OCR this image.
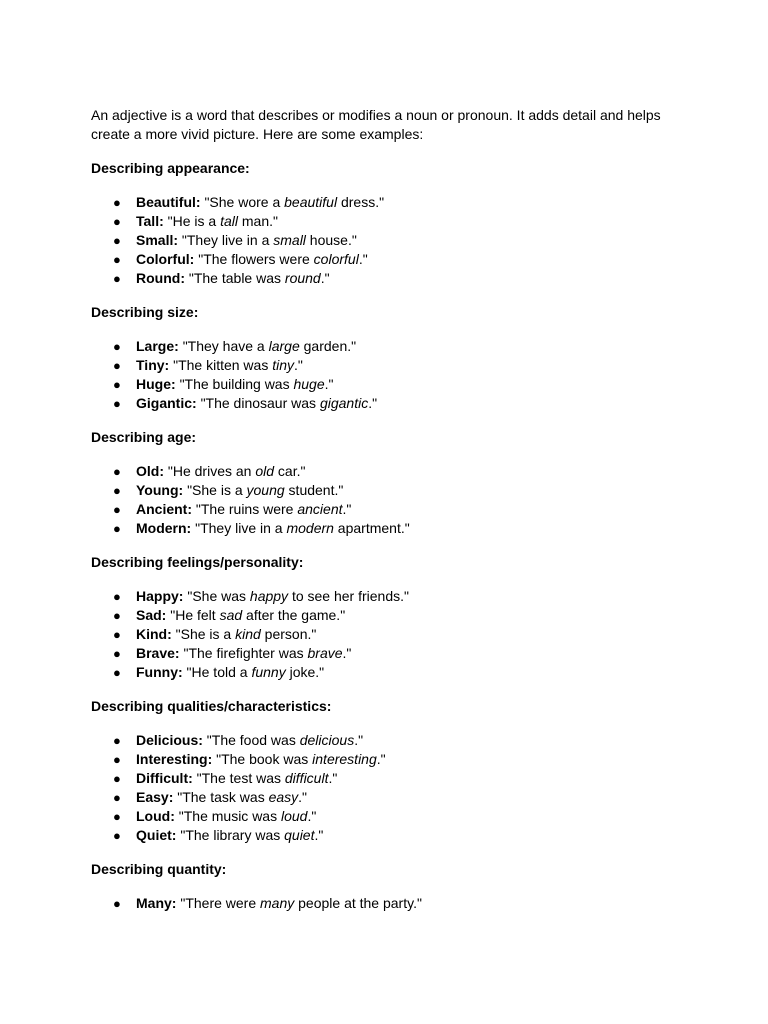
An adjective is a word that describes or modifies a noun or pronoun. It adds detail and helps create a more vivid picture. Here are some examples:

Describing appearance:

● Beautiful: "She wore a beautiful dress."
● Tall: "He is a tall man."
● Small: "They live in a small house."
● Colorful: "The flowers were colorful."
● Round: "The table was round."

Describing size:

● Large: "They have a large garden."
● Tiny: "The kitten was tiny."
● Huge: "The building was huge."
● Gigantic: "The dinosaur was gigantic."

Describing age:

● Old: "He drives an old car."
● Young: "She is a young student."
● Ancient: "The ruins were ancient."
● Modern: "They live in a modern apartment."

Describing feelings/personality:

● Happy: "She was happy to see her friends."
● Sad: "He felt sad after the game."
● Kind: "She is a kind person."
● Brave: "The firefighter was brave."
● Funny: "He told a funny joke."

Describing qualities/characteristics:

● Delicious: "The food was delicious."
● Interesting: "The book was interesting."
● Difficult: "The test was difficult."
● Easy: "The task was easy."
● Loud: "The music was loud."
● Quiet: "The library was quiet."

Describing quantity:

● Many: "There were many people at the party."
